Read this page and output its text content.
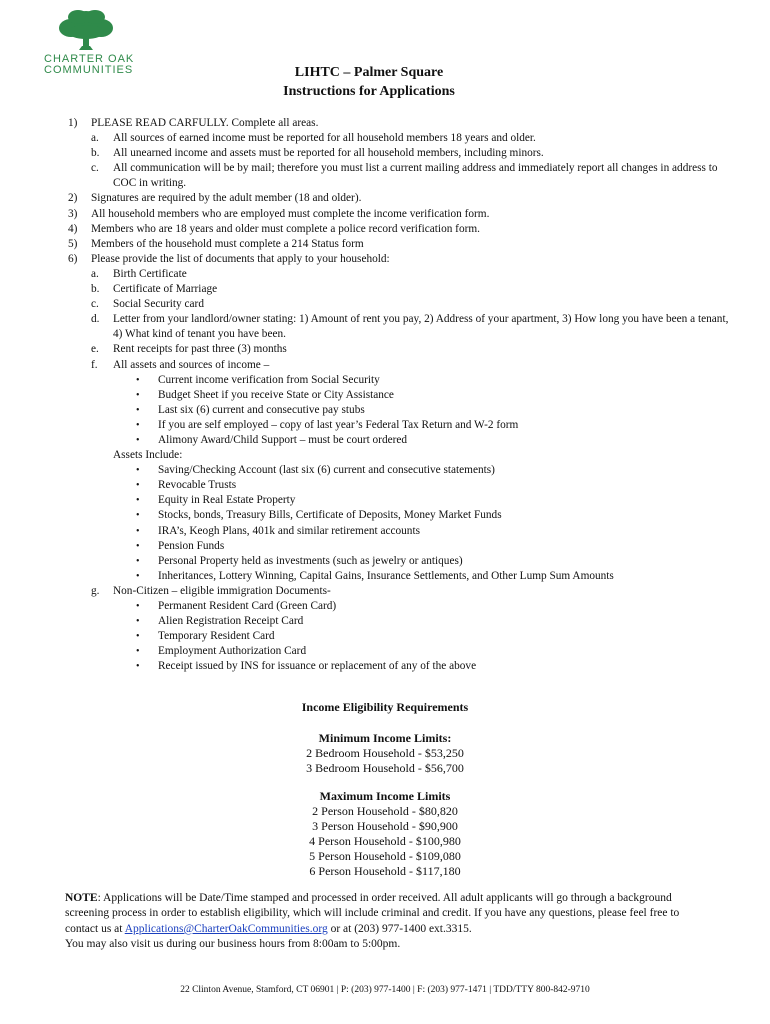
CHARTER OAK
COMMUNITIES	LIHTC – Palmer Square
Instructions for Applications
1) PLEASE READ CARFULLY. Complete all areas.
a. All sources of earned income must be reported for all household members 18 years and older.
b. All unearned income and assets must be reported for all household members, including minors.
c. All communication will be by mail; therefore you must list a current mailing address and immediately report all changes in address to COC in writing.
2) Signatures are required by the adult member (18 and older).
3) All household members who are employed must complete the income verification form.
4) Members who are 18 years and older must complete a police record verification form.
5) Members of the household must complete a 214 Status form
6) Please provide the list of documents that apply to your household:
a. Birth Certificate
b. Certificate of Marriage
c. Social Security card
d. Letter from your landlord/owner stating: 1) Amount of rent you pay, 2) Address of your apartment, 3) How long you have been a tenant, 4) What kind of tenant you have been.
e. Rent receipts for past three (3) months
f. All assets and sources of income –
• Current income verification from Social Security
• Budget Sheet if you receive State or City Assistance
• Last six (6) current and consecutive pay stubs
• If you are self employed – copy of last year’s Federal Tax Return and W-2 form
• Alimony Award/Child Support – must be court ordered
Assets Include:
• Saving/Checking Account (last six (6) current and consecutive statements)
• Revocable Trusts
• Equity in Real Estate Property
• Stocks, bonds, Treasury Bills, Certificate of Deposits, Money Market Funds
• IRA’s, Keogh Plans, 401k and similar retirement accounts
• Pension Funds
• Personal Property held as investments (such as jewelry or antiques)
• Inheritances, Lottery Winning, Capital Gains, Insurance Settlements, and Other Lump Sum Amounts
g. Non-Citizen – eligible immigration Documents-
• Permanent Resident Card (Green Card)
• Alien Registration Receipt Card
• Temporary Resident Card
• Employment Authorization Card
• Receipt issued by INS for issuance or replacement of any of the above
Income Eligibility Requirements
Minimum Income Limits:
2 Bedroom Household - $53,250
3 Bedroom Household - $56,700
Maximum Income Limits
2 Person Household - $80,820
3 Person Household - $90,900
4 Person Household - $100,980
5 Person Household - $109,080
6 Person Household - $117,180
NOTE: Applications will be Date/Time stamped and processed in order received. All adult applicants will go through a background screening process in order to establish eligibility, which will include criminal and credit. If you have any questions, please feel free to contact us at Applications@CharterOakCommunities.org or at (203) 977-1400 ext.3315.
You may also visit us during our business hours from 8:00am to 5:00pm.
22 Clinton Avenue, Stamford, CT 06901 | P: (203) 977-1400 | F: (203) 977-1471 | TDD/TTY 800-842-9710
